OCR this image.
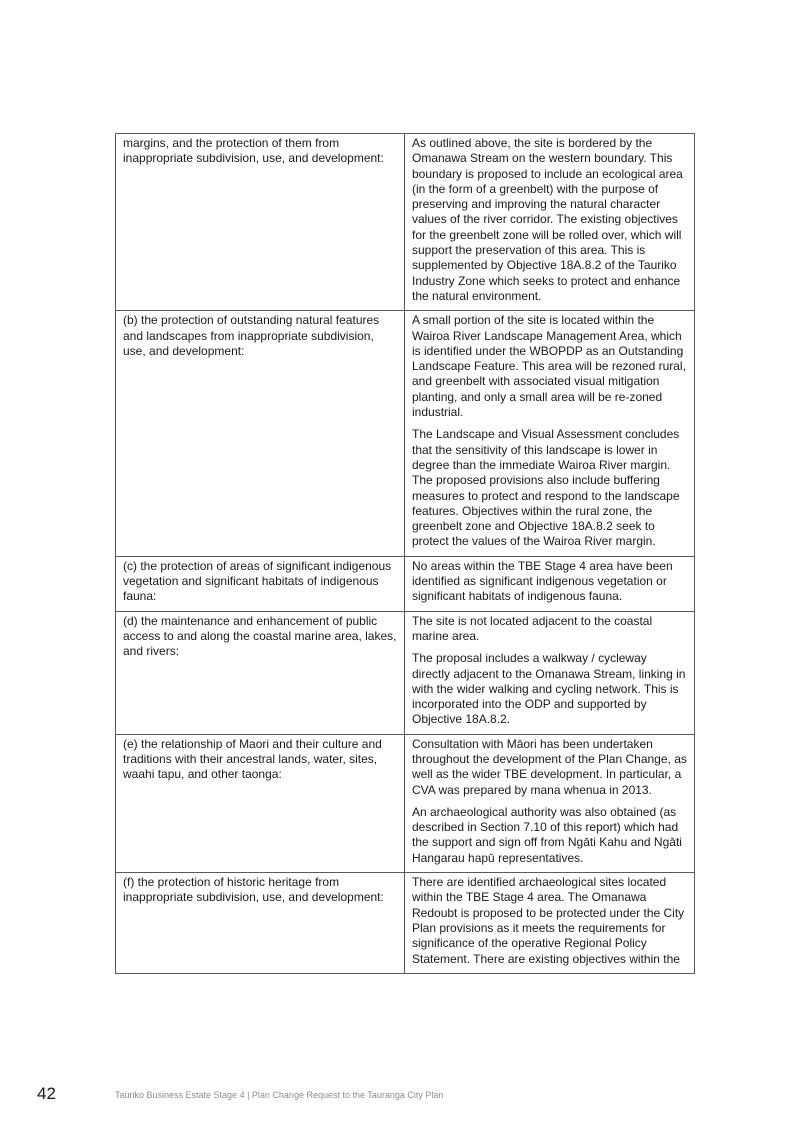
margins, and the protection of them from inappropriate subdivision, use, and development:	As outlined above, the site is bordered by the Omanawa Stream on the western boundary. This boundary is proposed to include an ecological area (in the form of a greenbelt) with the purpose of preserving and improving the natural character values of the river corridor. The existing objectives for the greenbelt zone will be rolled over, which will support the preservation of this area. This is supplemented by Objective 18A.8.2 of the Tauriko Industry Zone which seeks to protect and enhance the natural environment.

(b) the protection of outstanding natural features and landscapes from inappropriate subdivision, use, and development:	A small portion of the site is located within the Wairoa River Landscape Management Area, which is identified under the WBOPDP as an Outstanding Landscape Feature. This area will be rezoned rural, and greenbelt with associated visual mitigation planting, and only a small area will be re-zoned industrial.

The Landscape and Visual Assessment concludes that the sensitivity of this landscape is lower in degree than the immediate Wairoa River margin. The proposed provisions also include buffering measures to protect and respond to the landscape features. Objectives within the rural zone, the greenbelt zone and Objective 18A.8.2 seek to protect the values of the Wairoa River margin.

(c) the protection of areas of significant indigenous vegetation and significant habitats of indigenous fauna:	No areas within the TBE Stage 4 area have been identified as significant indigenous vegetation or significant habitats of indigenous fauna.

(d) the maintenance and enhancement of public access to and along the coastal marine area, lakes, and rivers:	The site is not located adjacent to the coastal marine area.

The proposal includes a walkway / cycleway directly adjacent to the Omanawa Stream, linking in with the wider walking and cycling network. This is incorporated into the ODP and supported by Objective 18A.8.2.

(e) the relationship of Maori and their culture and traditions with their ancestral lands, water, sites, waahi tapu, and other taonga:	Consultation with Māori has been undertaken throughout the development of the Plan Change, as well as the wider TBE development. In particular, a CVA was prepared by mana whenua in 2013.

An archaeological authority was also obtained (as described in Section 7.10 of this report) which had the support and sign off from Ngāti Kahu and Ngāti Hangarau hapū representatives.

(f) the protection of historic heritage from inappropriate subdivision, use, and development:	There are identified archaeological sites located within the TBE Stage 4 area. The Omanawa Redoubt is proposed to be protected under the City Plan provisions as it meets the requirements for significance of the operative Regional Policy Statement. There are existing objectives within the

42	Tauriko Business Estate Stage 4 | Plan Change Request to the Tauranga City Plan
